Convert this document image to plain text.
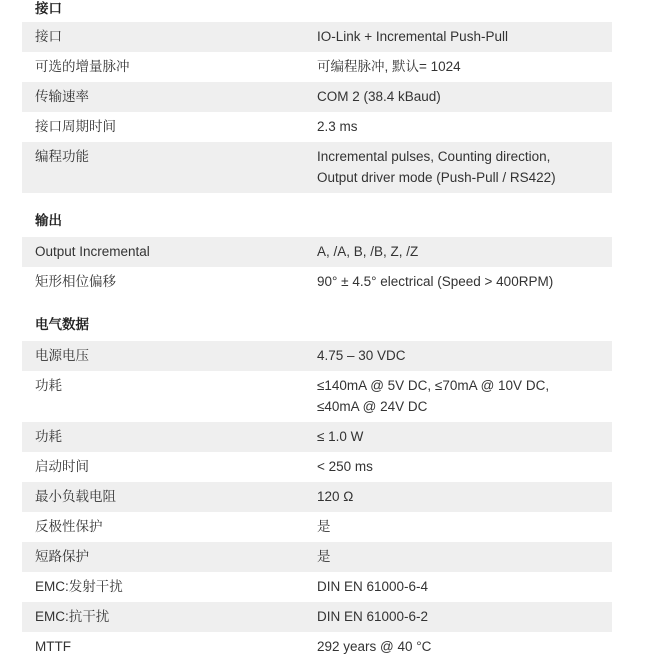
接口
接口	IO-Link + Incremental Push-Pull
可选的增量脉冲	可编程脉冲, 默认= 1024
传输速率	COM 2 (38.4 kBaud)
接口周期时间	2.3 ms
编程功能	Incremental pulses, Counting direction,
Output driver mode (Push-Pull / RS422)
输出
Output Incremental	A, /A, B, /B, Z, /Z
矩形相位偏移	90° ± 4.5° electrical (Speed > 400RPM)
电气数据
电源电压	4.75 – 30 VDC
功耗	≤140mA @ 5V DC, ≤70mA @ 10V DC,
≤40mA @ 24V DC
功耗	≤ 1.0 W
启动时间	< 250 ms
最小负载电阻	120 Ω
反极性保护	是
短路保护	是
EMC:发射干扰	DIN EN 61000-6-4
EMC:抗干扰	DIN EN 61000-6-2
MTTF	292 years @ 40 °C
